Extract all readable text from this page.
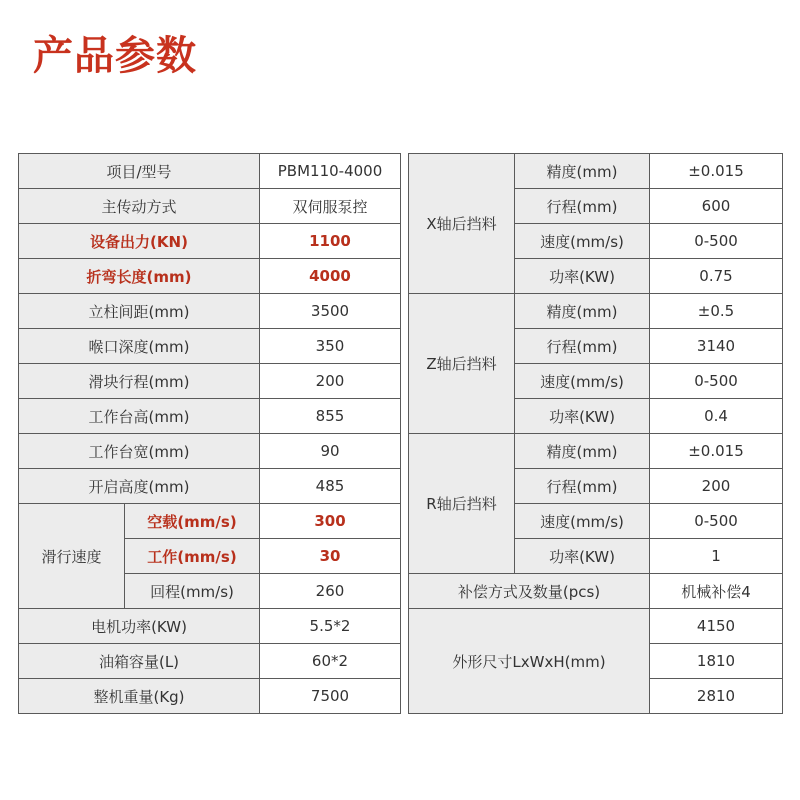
产品参数
项目/型号		PBM110-4000
主传动方式		双伺服泵控
设备出力(KN)		1100
折弯长度(mm)		4000
立柱间距(mm)		3500
喉口深度(mm)		350
滑块行程(mm)		200
工作台高(mm)		855
工作台宽(mm)		90
开启高度(mm)		485
滑行速度	空载(mm/s)	300
	工作(mm/s)	30
	回程(mm/s)	260
电机功率(KW)		5.5*2
油箱容量(L)		60*2
整机重量(Kg)		7500
X轴后挡料	精度(mm)	±0.015
	行程(mm)	600
	速度(mm/s)	0-500
	功率(KW)	0.75
Z轴后挡料	精度(mm)	±0.5
	行程(mm)	3140
	速度(mm/s)	0-500
	功率(KW)	0.4
R轴后挡料	精度(mm)	±0.015
	行程(mm)	200
	速度(mm/s)	0-500
	功率(KW)	1
补偿方式及数量(pcs)		机械补偿4
外形尺寸LxWxH(mm)		4150
		1810
		2810
